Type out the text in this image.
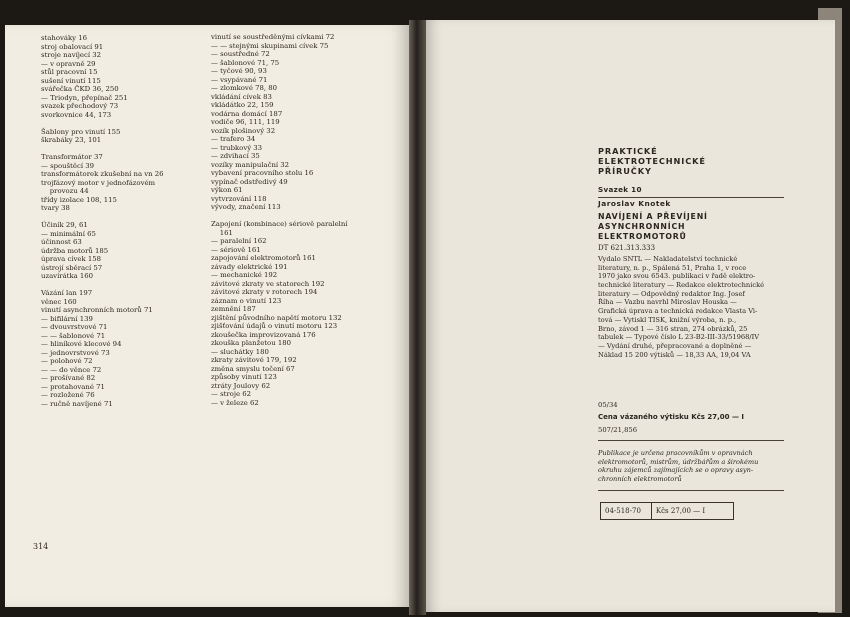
stahováky 16
stroj obalovací 91
stroje navíjecí 32
— v opravně 29
stůl pracovní 15
sušení vinutí 115
svářečka ČKD 36, 250
— Triodyn, přepínač 251
svazek přechodový 73
svorkovnice 44, 173
Šablony pro vinutí 155
škrabáky 23, 101
Transformátor 37
— spouštěcí 39
transformátorek zkušební na vn 26
trojfázový motor v jednofázovém
provozu 44
třídy izolace 108, 115
tvary 38
Účiník 29, 61
— minimální 65
účinnost 63
údržba motorů 185
úprava cívek 158
ústrojí sběrací 57
uzavírátka 160
Vázání lan 197
věnec 160
vinutí asynchronních motorů 71
— bifilární 139
— dvouvrstvové 71
— — šablonové 71
— hliníkové klecové 94
— jednovrstvové 73
— polohové 72
— — do věnce 72
— prošívané 82
— protahované 71
— rozložené 76
— ručně navíjené 71
vinutí se soustředěnými cívkami 72
— — stejnými skupinami cívek 75
— soustředné 72
— šablonové 71, 75
— tyčové 90, 93
— vsypávané 71
— zlomkové 78, 80
vkládání cívek 83
vkládátko 22, 159
vodárna domácí 187
vodiče 96, 111, 119
vozík plošinový 32
— trafero 34
— trubkový 33
— zdvihací 35
vozíky manipulační 32
vybavení pracovního stolu 16
vypínač odstředivý 49
výkon 61
vytvrzování 118
vývody, značení 113
Zapojení (kombinace) sériově paralelní
161
— paralelní 162
— sériově 161
zapojování elektromotorů 161
závady elektrické 191
— mechanické 192
závitové zkraty ve statorech 192
závitové zkraty v rotorech 194
záznam o vinutí 123
zemnění 187
zjištění původního napětí motoru 132
zjišťování údajů o vinutí motoru 123
zkoušečka improvizovaná 176
zkouška planžetou 180
— sluchátky 180
zkraty závitové 179, 192
změna smyslu točení 67
způsoby vinutí 123
ztráty Joulovy 62
— stroje 62
— v železe 62
314
PRAKTICKÉ
ELEKTROTECHNICKÉ
PŘÍRUČKY
Svazek 10
Jaroslav Knotek
NAVÍJENÍ A PŘEVÍJENÍ
ASYNCHRONNÍCH
ELEKTROMOTORŮ
DT 621.313.333
Vydalo SNTL — Nakladatelství technické
literatury, n. p., Spálená 51, Praha 1, v roce
1970 jako svou 6543. publikaci v řadě elektro-
technické literatury — Redakce elektrotechnické
literatury — Odpovědný redaktor Ing. Josef
Říha — Vazbu navrhl Miroslav Houska —
Grafická úprava a technická redakce Vlasta Vi-
tová — Vytiskl TISK, knižní výroba, n. p.,
Brno, závod 1 — 316 stran, 274 obrázků, 25
tabulek — Typové číslo L 23-B2-III-33/51968/IV
— Vydání druhé, přepracované a doplněné —
Náklad 15 200 výtisků — 18,33 AA, 19,04 VA
05/34
Cena vázaného výtisku Kčs 27,00 — I
507/21,856
Publikace je určena pracovníkům v opravnách
elektromotorů, mistrům, údržbářům a širokému
okruhu zájemců zajímajících se o opravy asyn-
chronních elektromotorů
04-518-70	Kčs 27,00 — I
